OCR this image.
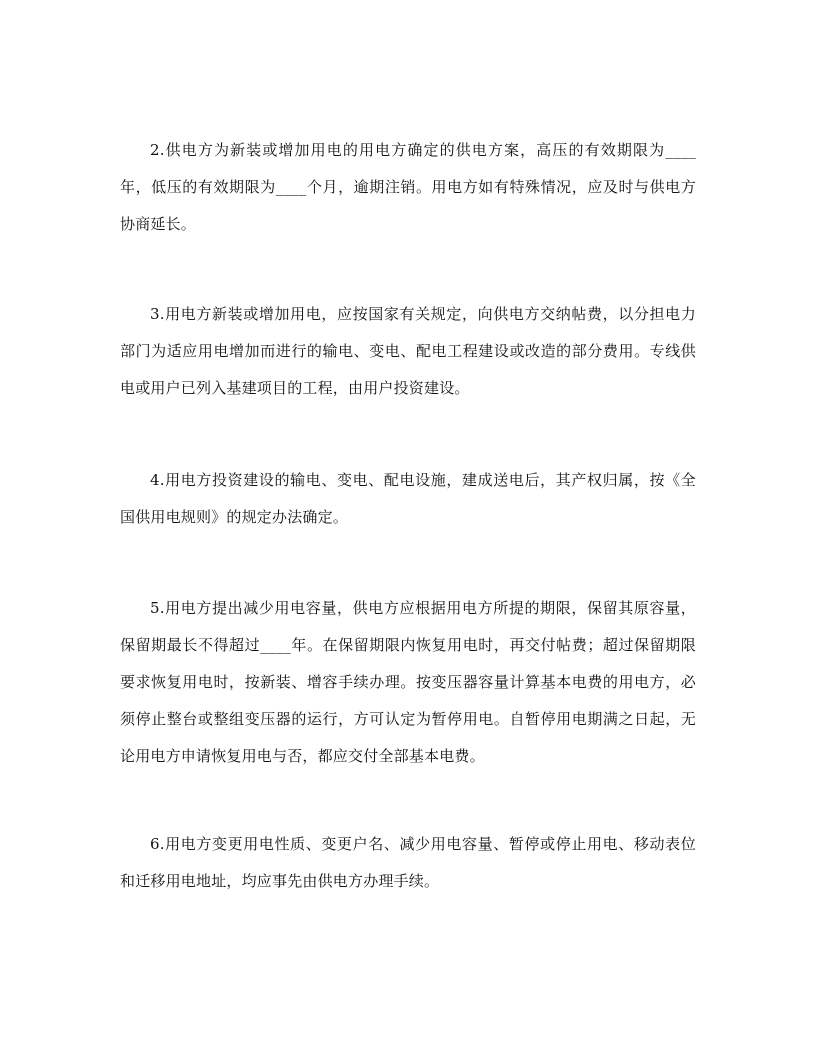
2.供电方为新装或增加用电的用电方确定的供电方案，高压的有效期限为____年，低压的有效期限为____个月，逾期注销。用电方如有特殊情况，应及时与供电方协商延长。

3.用电方新装或增加用电，应按国家有关规定，向供电方交纳帖费，以分担电力部门为适应用电增加而进行的输电、变电、配电工程建设或改造的部分费用。专线供电或用户已列入基建项目的工程，由用户投资建设。

4.用电方投资建设的输电、变电、配电设施，建成送电后，其产权归属，按《全国供用电规则》的规定办法确定。

5.用电方提出减少用电容量，供电方应根据用电方所提的期限，保留其原容量，保留期最长不得超过____年。在保留期限内恢复用电时，再交付帖费；超过保留期限要求恢复用电时，按新装、增容手续办理。按变压器容量计算基本电费的用电方，必须停止整台或整组变压器的运行，方可认定为暂停用电。自暂停用电期满之日起，无论用电方申请恢复用电与否，都应交付全部基本电费。

6.用电方变更用电性质、变更户名、减少用电容量、暂停或停止用电、移动表位和迁移用电地址，均应事先由供电方办理手续。
